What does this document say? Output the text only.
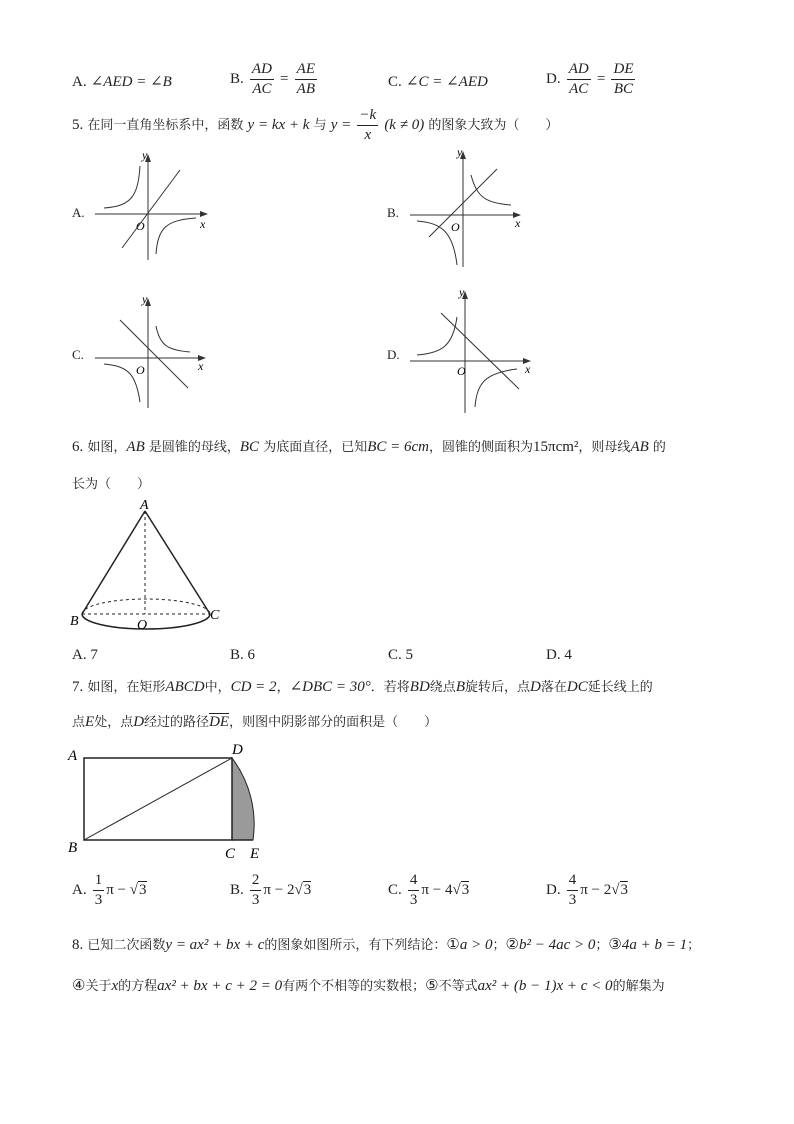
A. ∠AED = ∠B	B. $\frac{AD}{AC} = \frac{AE}{AB}$	C. ∠C = ∠AED	D. $\frac{AD}{AC} = \frac{DE}{BC}$
5. 在同一直角坐标系中，函数 y = kx + k 与 $y = \frac{-k}{x} (k \ne 0)$ 的图象大致为（　　）
A.
y
x
O
B.
y
x
O
C.
y
x
O
D.
y
x
O
6. 如图，AB 是圆锥的母线，BC 为底面直径，已知BC = 6cm，圆锥的侧面积为15πcm²，则母线AB 的
长为（　　）
A
B	C
O
A. 7	B. 6	C. 5	D. 4
7. 如图，在矩形ABCD中，CD = 2，∠DBC = 30°．若将BD绕点B旋转后，点D落在DC延长线上的
点E处，点D经过的路径DE，则图中阴影部分的面积是（　　）
A
B	C
D
E
A. $\frac{1}{3}$ π − √3	B. $\frac{2}{3}$ π − 2√3	C. $\frac{4}{3}$ π − 4√3	D. $\frac{4}{3}$ π − 2√3
8. 已知二次函数y = ax² + bx + c的图象如图所示，有下列结论：①a > 0；②b² − 4ac > 0；③4a + b = 1；
④关于x的方程ax² + bx + c + 2 = 0有两个不相等的实数根；⑤不等式ax² + (b − 1)x + c < 0的解集为
